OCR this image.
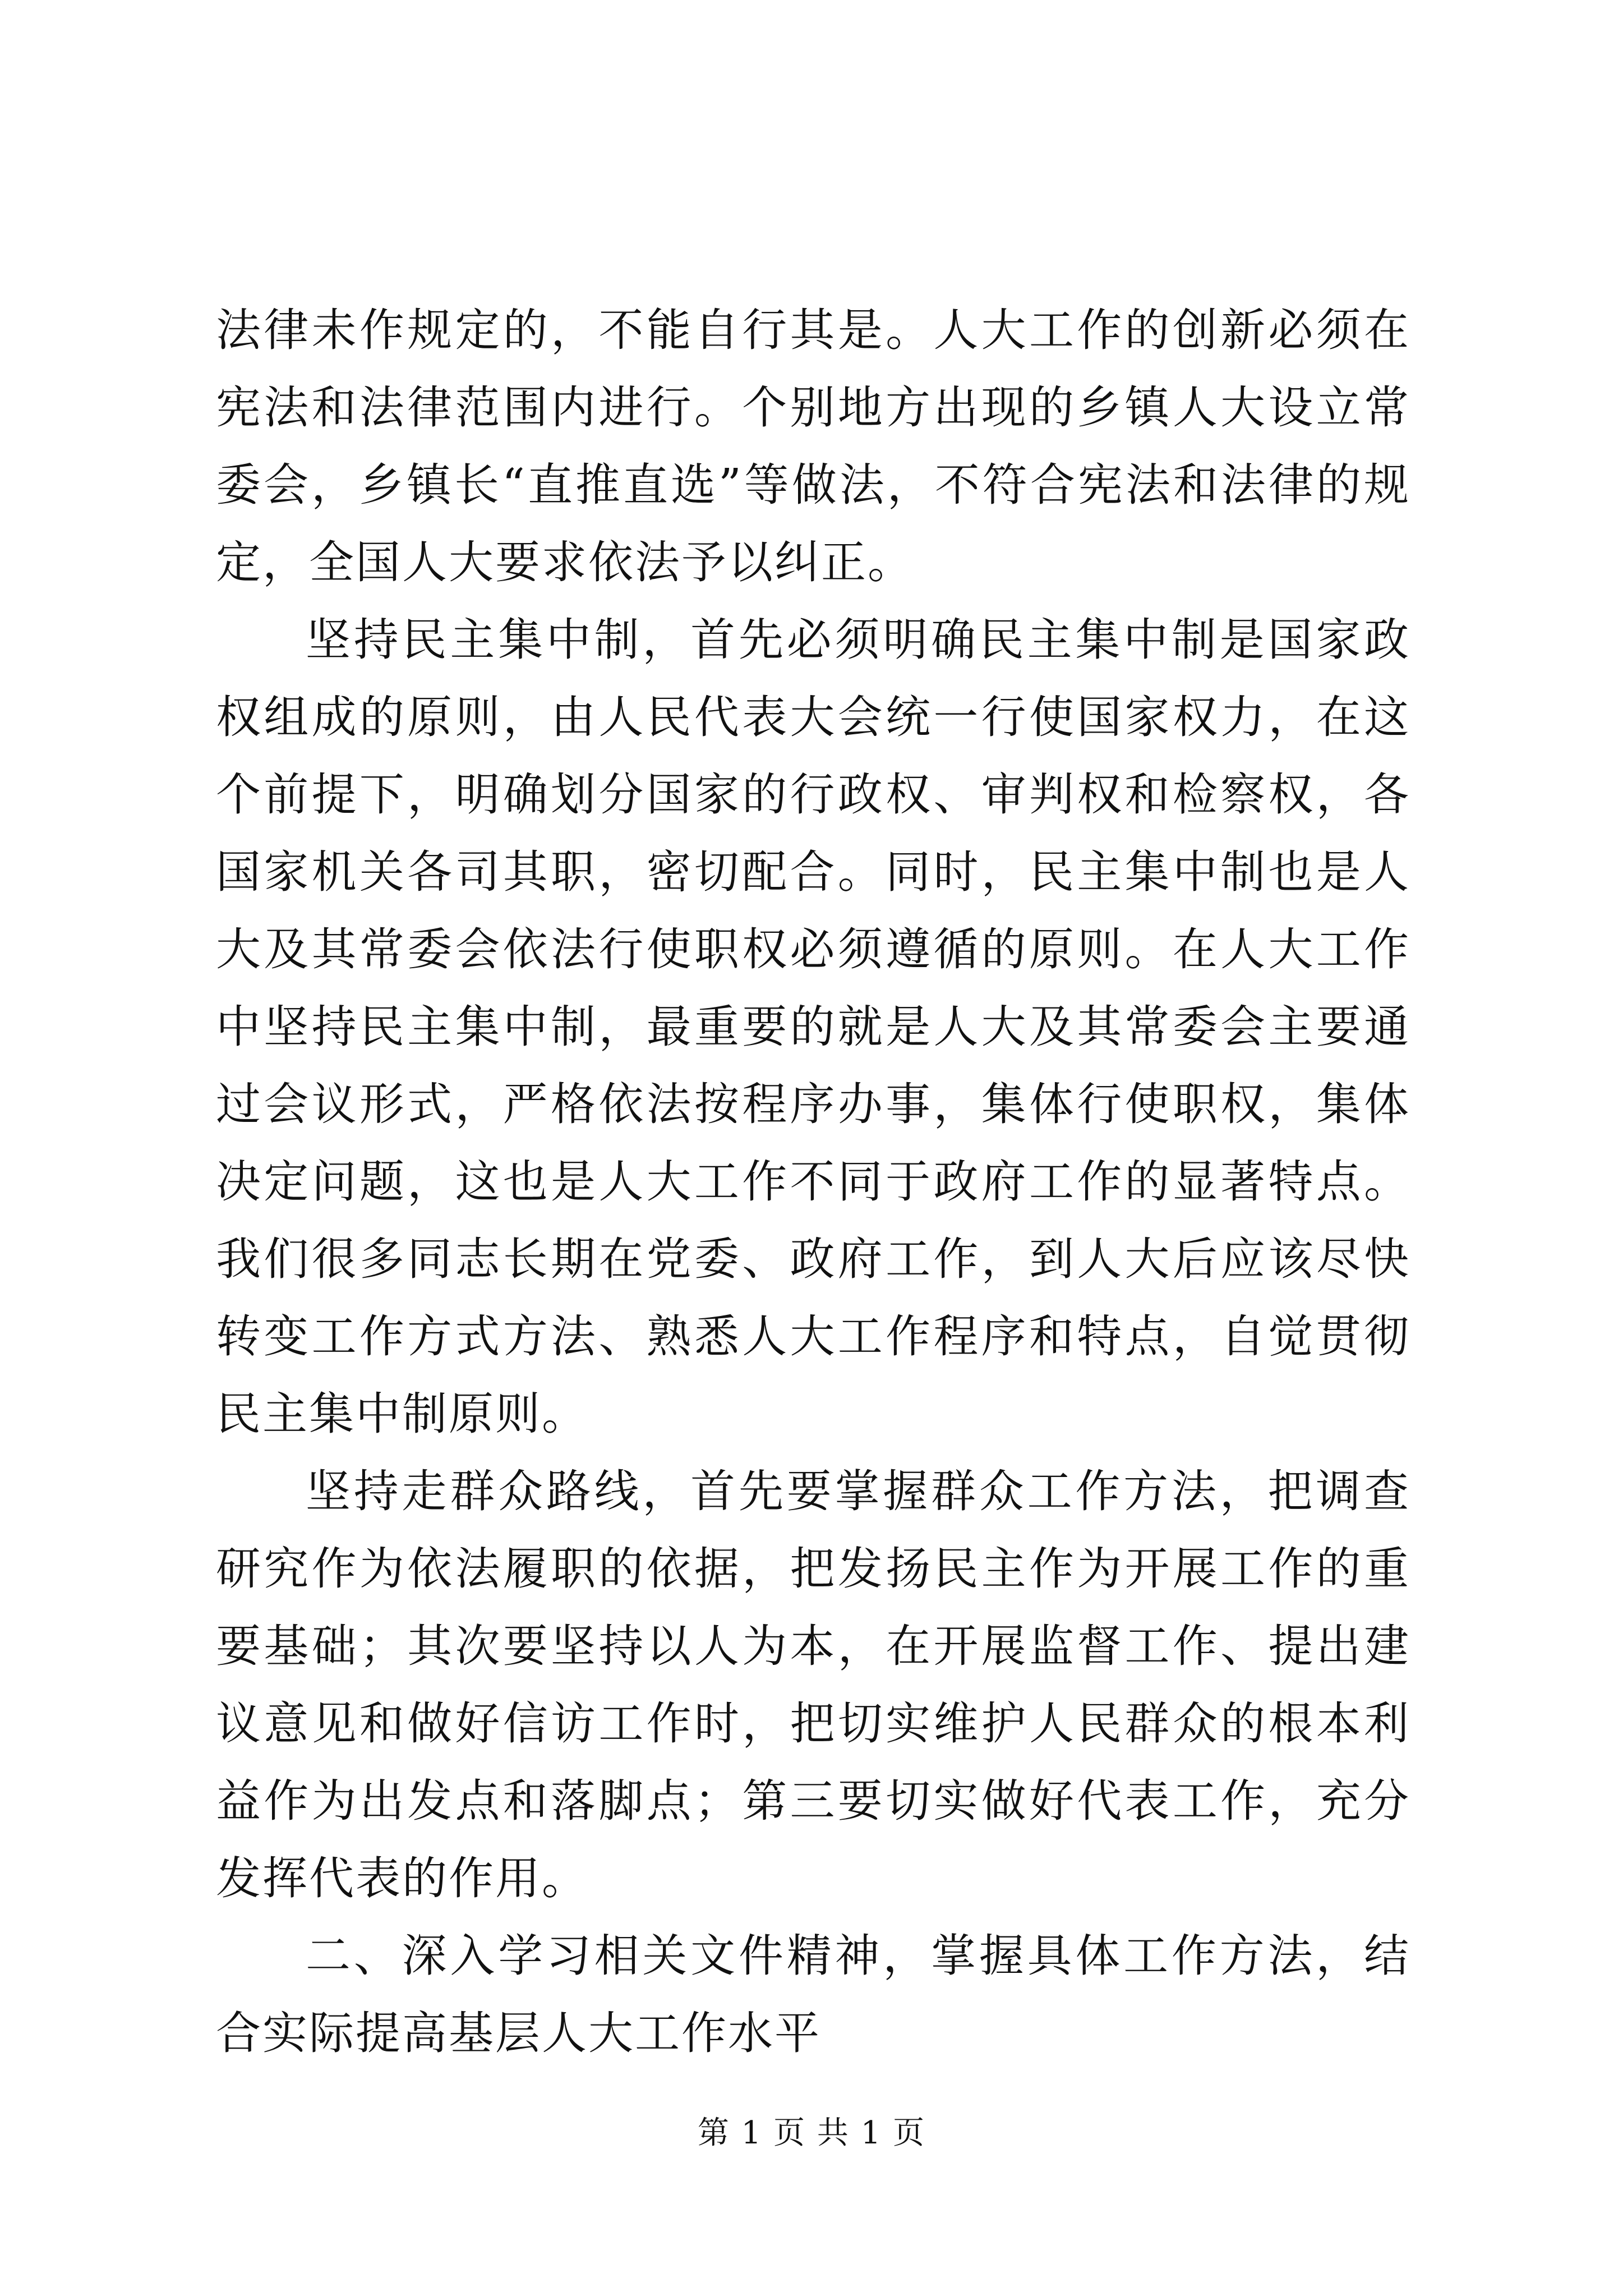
法律未作规定的，不能自行其是。人大工作的创新必须在宪法和法律范围内进行。个别地方出现的乡镇人大设立常委会，乡镇长“直推直选”等做法，不符合宪法和法律的规定，全国人大要求依法予以纠正。

坚持民主集中制，首先必须明确民主集中制是国家政权组成的原则，由人民代表大会统一行使国家权力，在这个前提下，明确划分国家的行政权、审判权和检察权，各国家机关各司其职，密切配合。同时，民主集中制也是人大及其常委会依法行使职权必须遵循的原则。在人大工作中坚持民主集中制，最重要的就是人大及其常委会主要通过会议形式，严格依法按程序办事，集体行使职权，集体决定问题，这也是人大工作不同于政府工作的显著特点。我们很多同志长期在党委、政府工作，到人大后应该尽快转变工作方式方法、熟悉人大工作程序和特点，自觉贯彻民主集中制原则。

坚持走群众路线，首先要掌握群众工作方法，把调查研究作为依法履职的依据，把发扬民主作为开展工作的重要基础；其次要坚持以人为本，在开展监督工作、提出建议意见和做好信访工作时，把切实维护人民群众的根本利益作为出发点和落脚点；第三要切实做好代表工作，充分发挥代表的作用。

二、深入学习相关文件精神，掌握具体工作方法，结合实际提高基层人大工作水平

第 1 页 共 1 页
